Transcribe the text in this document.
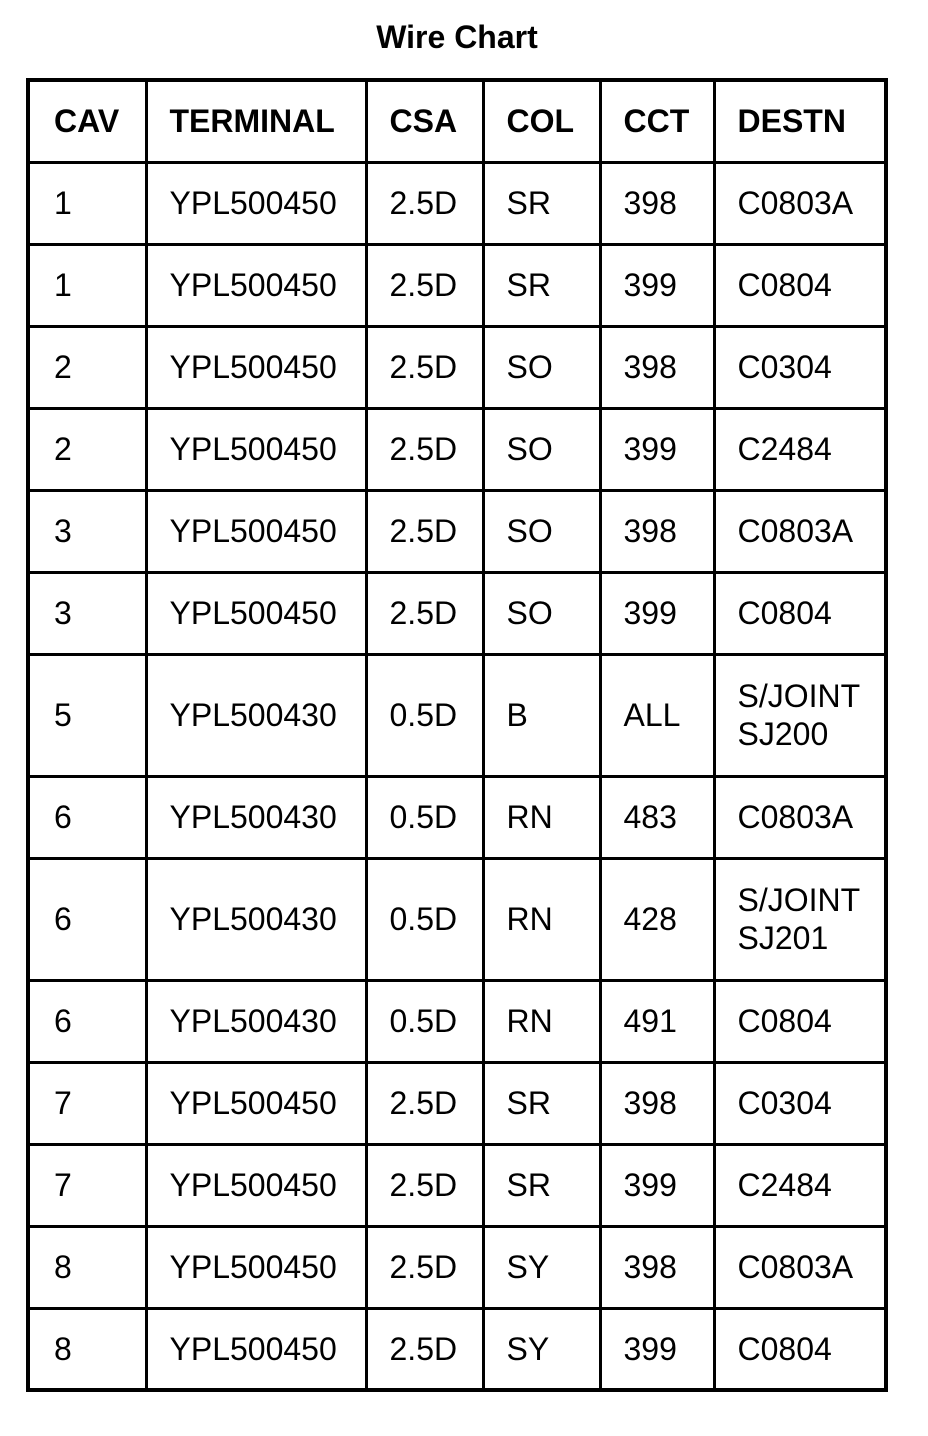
Wire Chart
CAV	TERMINAL	CSA	COL	CCT	DESTN
1	YPL500450	2.5D	SR	398	C0803A
1	YPL500450	2.5D	SR	399	C0804
2	YPL500450	2.5D	SO	398	C0304
2	YPL500450	2.5D	SO	399	C2484
3	YPL500450	2.5D	SO	398	C0803A
3	YPL500450	2.5D	SO	399	C0804
5	YPL500430	0.5D	B	ALL	S/JOINT
SJ200
6	YPL500430	0.5D	RN	483	C0803A
6	YPL500430	0.5D	RN	428	S/JOINT
SJ201
6	YPL500430	0.5D	RN	491	C0804
7	YPL500450	2.5D	SR	398	C0304
7	YPL500450	2.5D	SR	399	C2484
8	YPL500450	2.5D	SY	398	C0803A
8	YPL500450	2.5D	SY	399	C0804
